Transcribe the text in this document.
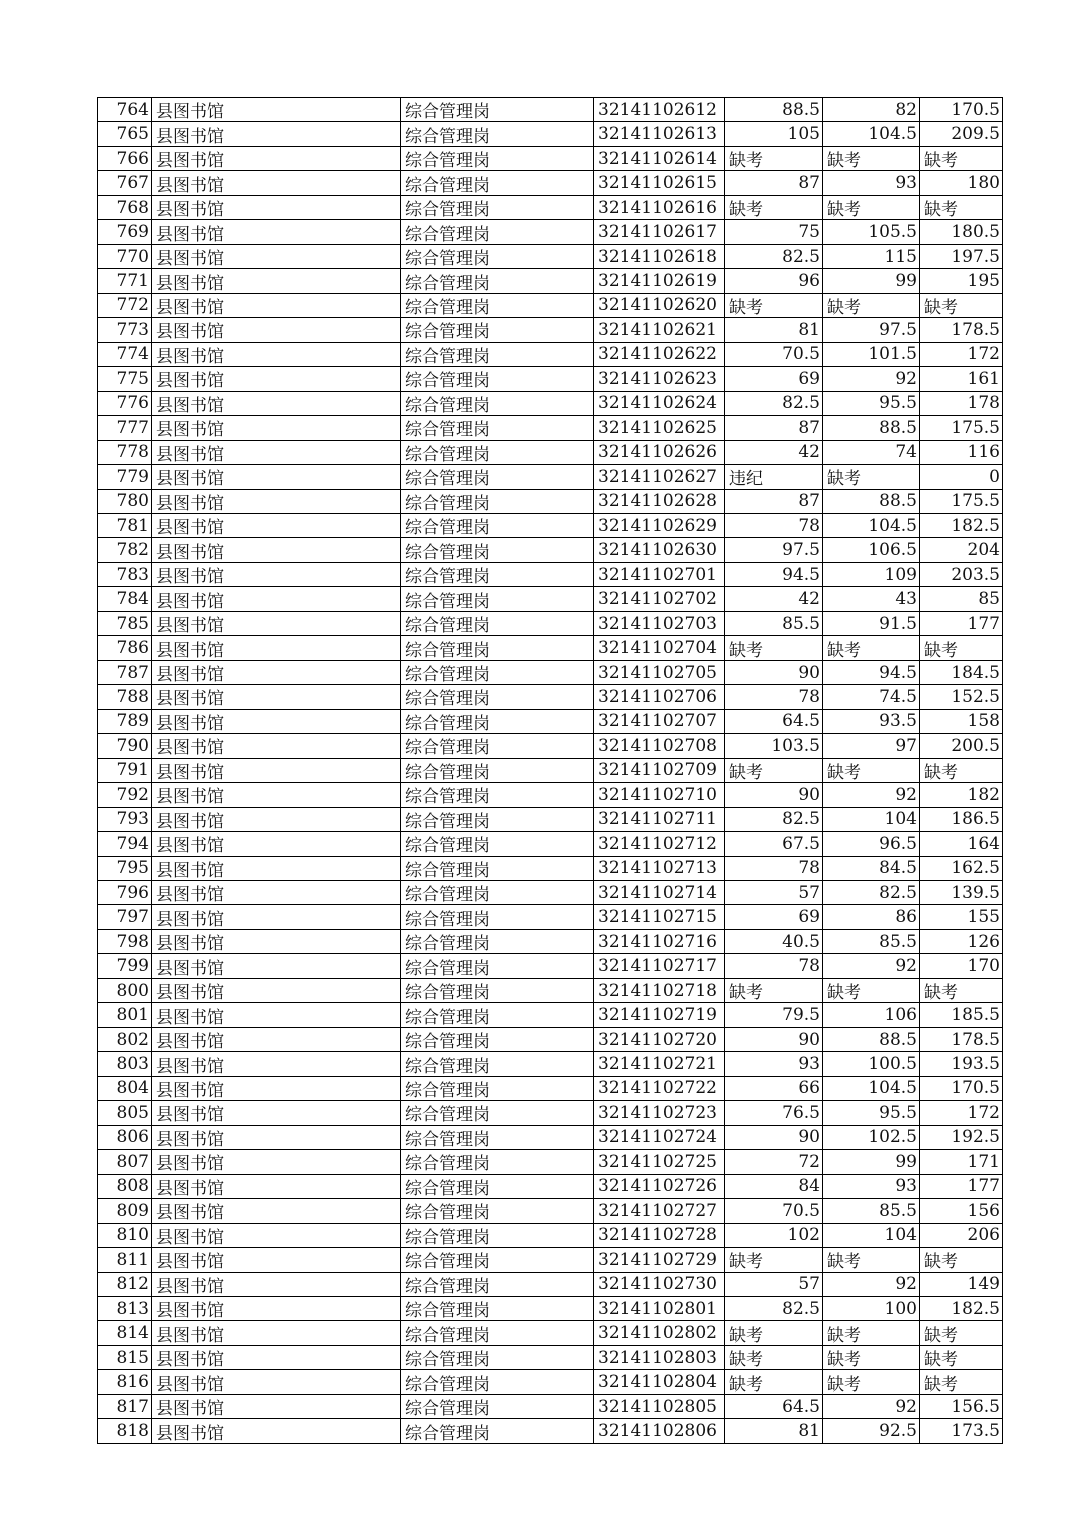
764 县图书馆	综合管理岗	32141102612	88.5	82	170.5
765 县图书馆	综合管理岗	32141102613	105	104.5	209.5
766 县图书馆	综合管理岗	32141102614 缺考	缺考	缺考
767 县图书馆	综合管理岗	32141102615	87	93	180
768 县图书馆	综合管理岗	32141102616 缺考	缺考	缺考
769 县图书馆	综合管理岗	32141102617	75	105.5	180.5
770 县图书馆	综合管理岗	32141102618	82.5	115	197.5
771 县图书馆	综合管理岗	32141102619	96	99	195
772 县图书馆	综合管理岗	32141102620 缺考	缺考	缺考
773 县图书馆	综合管理岗	32141102621	81	97.5	178.5
774 县图书馆	综合管理岗	32141102622	70.5	101.5	172
775 县图书馆	综合管理岗	32141102623	69	92	161
776 县图书馆	综合管理岗	32141102624	82.5	95.5	178
777 县图书馆	综合管理岗	32141102625	87	88.5	175.5
778 县图书馆	综合管理岗	32141102626	42	74	116
779 县图书馆	综合管理岗	32141102627 违纪	缺考	0
780 县图书馆	综合管理岗	32141102628	87	88.5	175.5
781 县图书馆	综合管理岗	32141102629	78	104.5	182.5
782 县图书馆	综合管理岗	32141102630	97.5	106.5	204
783 县图书馆	综合管理岗	32141102701	94.5	109	203.5
784 县图书馆	综合管理岗	32141102702	42	43	85
785 县图书馆	综合管理岗	32141102703	85.5	91.5	177
786 县图书馆	综合管理岗	32141102704 缺考	缺考	缺考
787 县图书馆	综合管理岗	32141102705	90	94.5	184.5
788 县图书馆	综合管理岗	32141102706	78	74.5	152.5
789 县图书馆	综合管理岗	32141102707	64.5	93.5	158
790 县图书馆	综合管理岗	32141102708	103.5	97	200.5
791 县图书馆	综合管理岗	32141102709 缺考	缺考	缺考
792 县图书馆	综合管理岗	32141102710	90	92	182
793 县图书馆	综合管理岗	32141102711	82.5	104	186.5
794 县图书馆	综合管理岗	32141102712	67.5	96.5	164
795 县图书馆	综合管理岗	32141102713	78	84.5	162.5
796 县图书馆	综合管理岗	32141102714	57	82.5	139.5
797 县图书馆	综合管理岗	32141102715	69	86	155
798 县图书馆	综合管理岗	32141102716	40.5	85.5	126
799 县图书馆	综合管理岗	32141102717	78	92	170
800 县图书馆	综合管理岗	32141102718 缺考	缺考	缺考
801 县图书馆	综合管理岗	32141102719	79.5	106	185.5
802 县图书馆	综合管理岗	32141102720	90	88.5	178.5
803 县图书馆	综合管理岗	32141102721	93	100.5	193.5
804 县图书馆	综合管理岗	32141102722	66	104.5	170.5
805 县图书馆	综合管理岗	32141102723	76.5	95.5	172
806 县图书馆	综合管理岗	32141102724	90	102.5	192.5
807 县图书馆	综合管理岗	32141102725	72	99	171
808 县图书馆	综合管理岗	32141102726	84	93	177
809 县图书馆	综合管理岗	32141102727	70.5	85.5	156
810 县图书馆	综合管理岗	32141102728	102	104	206
811 县图书馆	综合管理岗	32141102729 缺考	缺考	缺考
812 县图书馆	综合管理岗	32141102730	57	92	149
813 县图书馆	综合管理岗	32141102801	82.5	100	182.5
814 县图书馆	综合管理岗	32141102802 缺考	缺考	缺考
815 县图书馆	综合管理岗	32141102803 缺考	缺考	缺考
816 县图书馆	综合管理岗	32141102804 缺考	缺考	缺考
817 县图书馆	综合管理岗	32141102805	64.5	92	156.5
818 县图书馆	综合管理岗	32141102806	81	92.5	173.5
